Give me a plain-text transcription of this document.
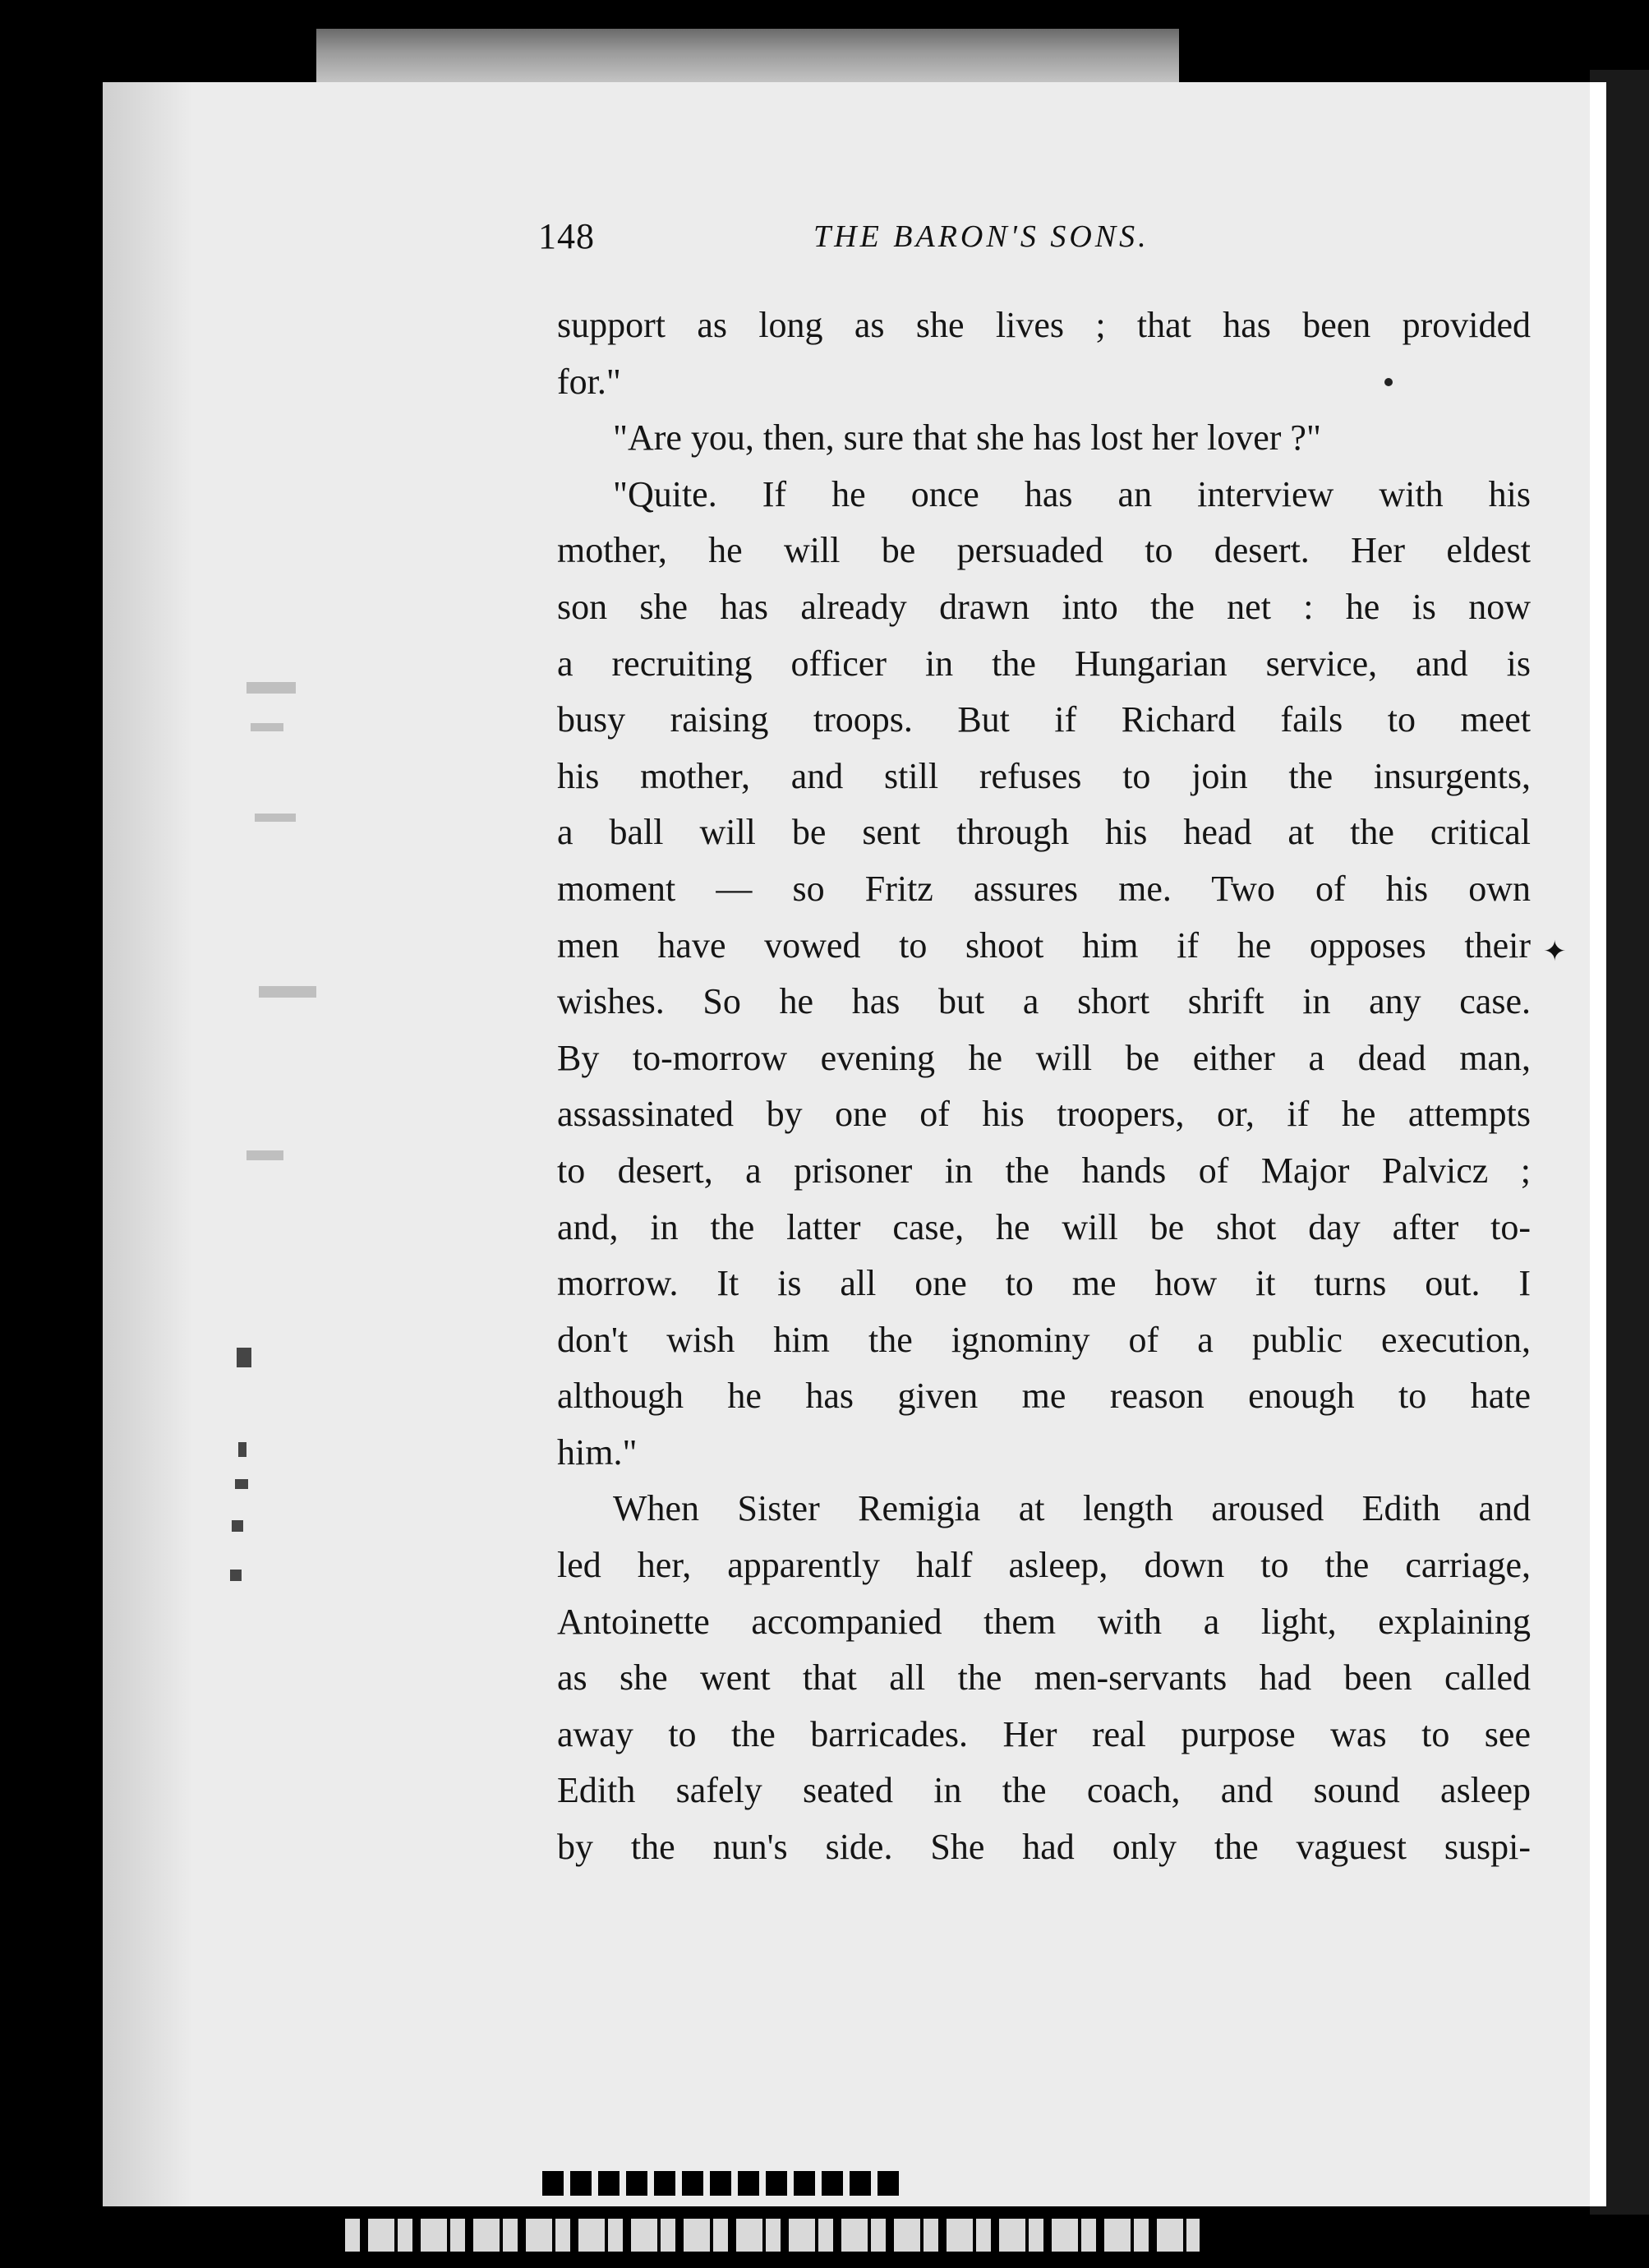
148	THE BARON'S SONS.
✦
support as long as she lives ; that has been provided
for."
"Are you, then, sure that she has lost her lover ?"
"Quite. If he once has an interview with his
mother, he will be persuaded to desert. Her eldest
son she has already drawn into the net : he is now
a recruiting officer in the Hungarian service, and is
busy raising troops. But if Richard fails to meet
his mother, and still refuses to join the insurgents,
a ball will be sent through his head at the critical
moment — so Fritz assures me. Two of his own
men have vowed to shoot him if he opposes their
wishes. So he has but a short shrift in any case.
By to-morrow evening he will be either a dead man,
assassinated by one of his troopers, or, if he attempts
to desert, a prisoner in the hands of Major Palvicz ;
and, in the latter case, he will be shot day after to-
morrow. It is all one to me how it turns out. I
don't wish him the ignominy of a public execution,
although he has given me reason enough to hate
him."
When Sister Remigia at length aroused Edith and
led her, apparently half asleep, down to the carriage,
Antoinette accompanied them with a light, explaining
as she went that all the men-servants had been called
away to the barricades. Her real purpose was to see
Edith safely seated in the coach, and sound asleep
by the nun's side. She had only the vaguest suspi-
